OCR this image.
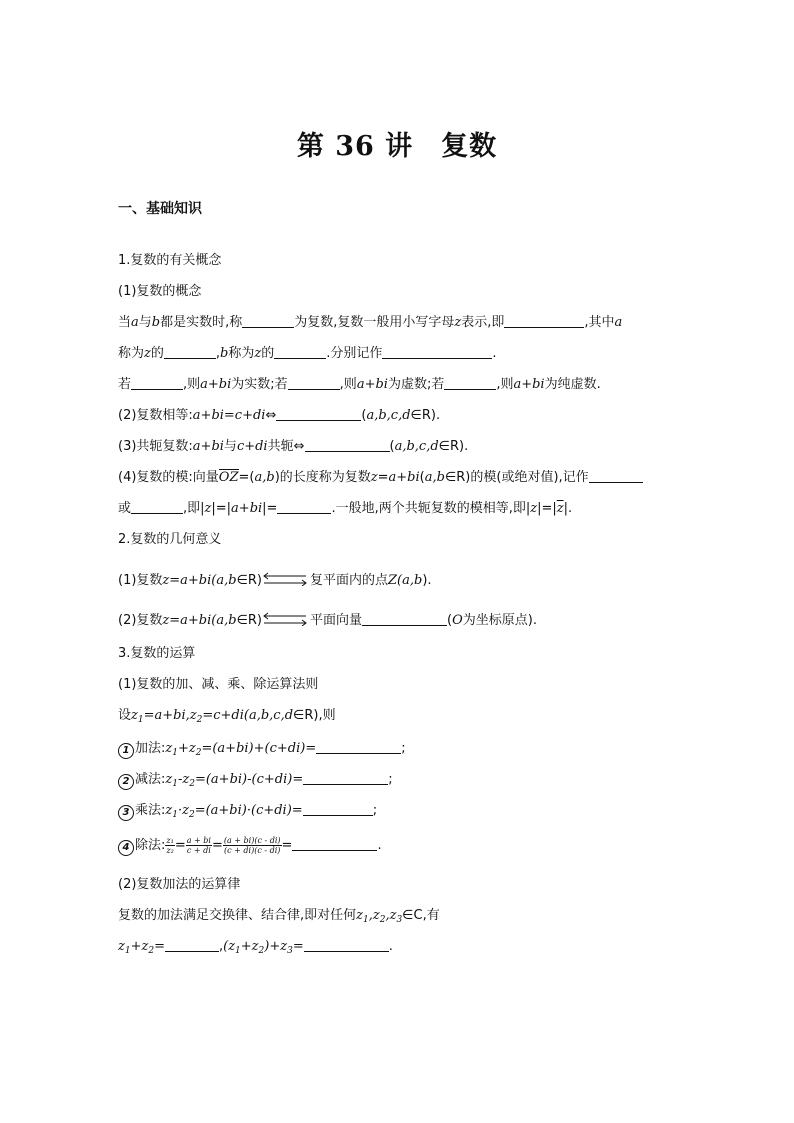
第 36 讲　复数
一、基础知识
1.复数的有关概念
(1)复数的概念
当a与b都是实数时,称	为复数,复数一般用小写字母z表示,即	,其中a
称为z的	,b称为z的	.分别记作	.
若	,则a+bi为实数;若	,则a+bi为虚数;若	,则a+bi为纯虚数.
(2)复数相等:a+bi=c+di⇔	(a,b,c,d∈R).
(3)共轭复数:a+bi与c+di共轭⇔	(a,b,c,d∈R).
(4)复数的模:向量OZ=(a,b)的长度称为复数z=a+bi(a,b∈R)的模(或绝对值),记作
或	,即|z|=|a+bi|=	.一般地,两个共轭复数的模相等,即$|z|=|\overline{z}|$.
2.复数的几何意义
(1)复数z=a+bi(a,b∈R)	复平面内的点Z(a,b).
(2)复数z=a+bi(a,b∈R)	平面向量	(O为坐标原点).
3.复数的运算
(1)复数的加、减、乘、除运算法则
设$z_1=a+bi,z_2=c+di(a,b,c,d\in R)$,则
1 加法$:z_1+z_2=(a+bi)+(c+di)=$	;
2 减法$:z_1-z_2=(a+bi)-(c+di)=$	;
3 乘法$:z_1\cdot z_2=(a+bi)\cdot(c+di)=$	;
4 除法: $\frac{\text{z₁}}{\text{z₂}} = \frac{a + bi}{c + di} = \frac{(a + bi)(c - di)}{(c + di)(c - di)}$ =	.
(2)复数加法的运算律
复数的加法满足交换律、结合律,即对任何$z_1,z_2,z_3\in C$,有
$z_1+z_2=$	$,(z_1+z_2)+z_3=$	.
